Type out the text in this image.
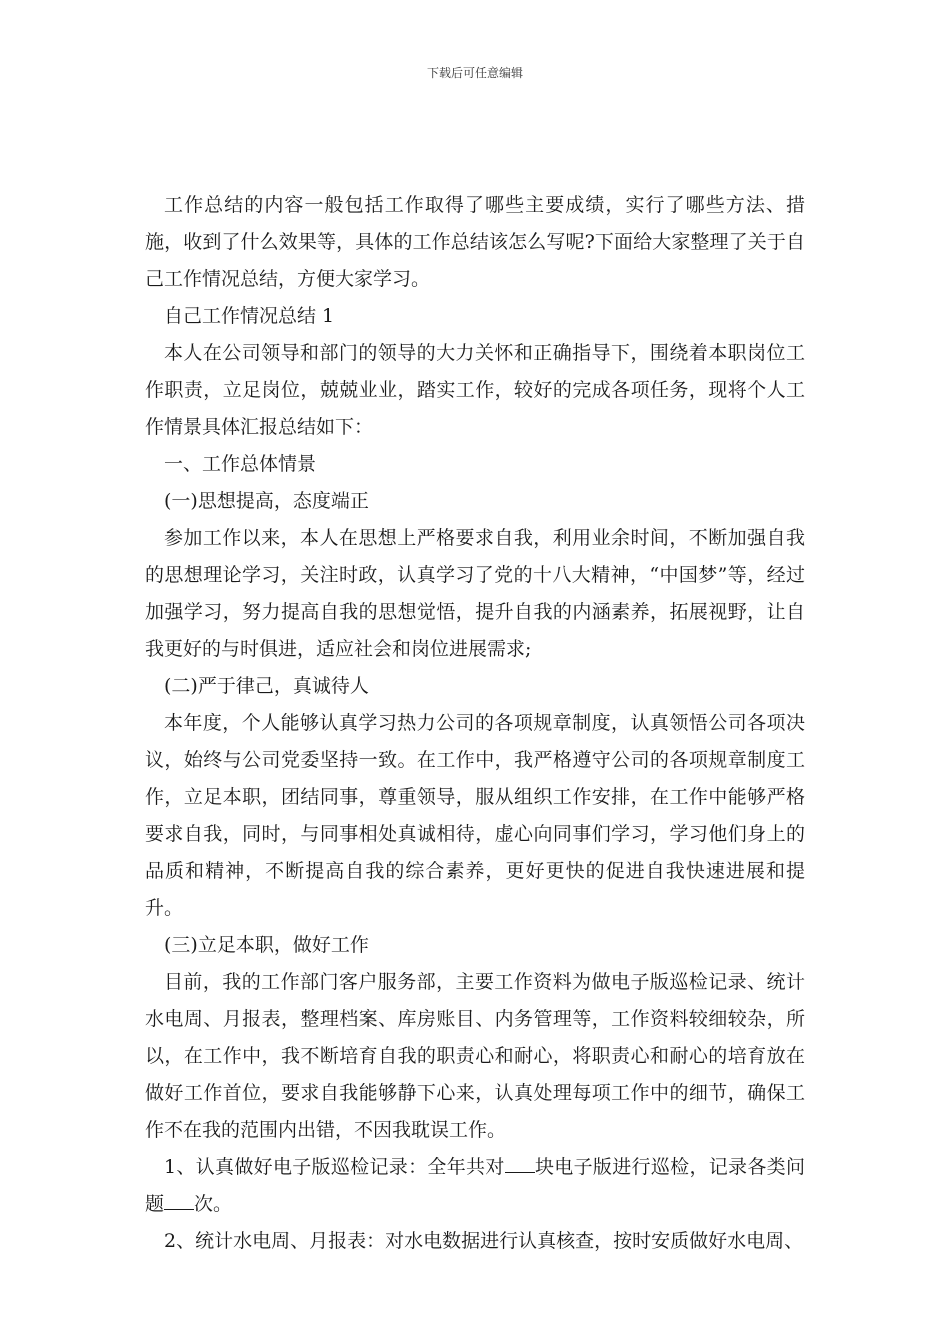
下载后可任意编辑

工作总结的内容一般包括工作取得了哪些主要成绩，实行了哪些方法、措施，收到了什么效果等，具体的工作总结该怎么写呢?下面给大家整理了关于自己工作情况总结，方便大家学习。

自己工作情况总结 1

本人在公司领导和部门的领导的大力关怀和正确指导下，围绕着本职岗位工作职责，立足岗位，兢兢业业，踏实工作，较好的完成各项任务，现将个人工作情景具体汇报总结如下：

一、工作总体情景

(一)思想提高，态度端正

参加工作以来，本人在思想上严格要求自我，利用业余时间，不断加强自我的思想理论学习，关注时政，认真学习了党的十八大精神，“中国梦”等，经过加强学习，努力提高自我的思想觉悟，提升自我的内涵素养，拓展视野，让自我更好的与时俱进，适应社会和岗位进展需求;

(二)严于律己，真诚待人

本年度，个人能够认真学习热力公司的各项规章制度，认真领悟公司各项决议，始终与公司党委坚持一致。在工作中，我严格遵守公司的各项规章制度工作，立足本职，团结同事，尊重领导，服从组织工作安排，在工作中能够严格要求自我，同时，与同事相处真诚相待，虚心向同事们学习，学习他们身上的品质和精神，不断提高自我的综合素养，更好更快的促进自我快速进展和提升。

(三)立足本职，做好工作

目前，我的工作部门客户服务部，主要工作资料为做电子版巡检记录、统计水电周、月报表，整理档案、库房账目、内务管理等，工作资料较细较杂，所以，在工作中，我不断培育自我的职责心和耐心，将职责心和耐心的培育放在做好工作首位，要求自我能够静下心来，认真处理每项工作中的细节，确保工作不在我的范围内出错，不因我耽误工作。

1、认真做好电子版巡检记录：全年共对 块电子版进行巡检，记录各类问题 次。

2、统计水电周、月报表：对水电数据进行认真核查，按时安质做好水电周、
